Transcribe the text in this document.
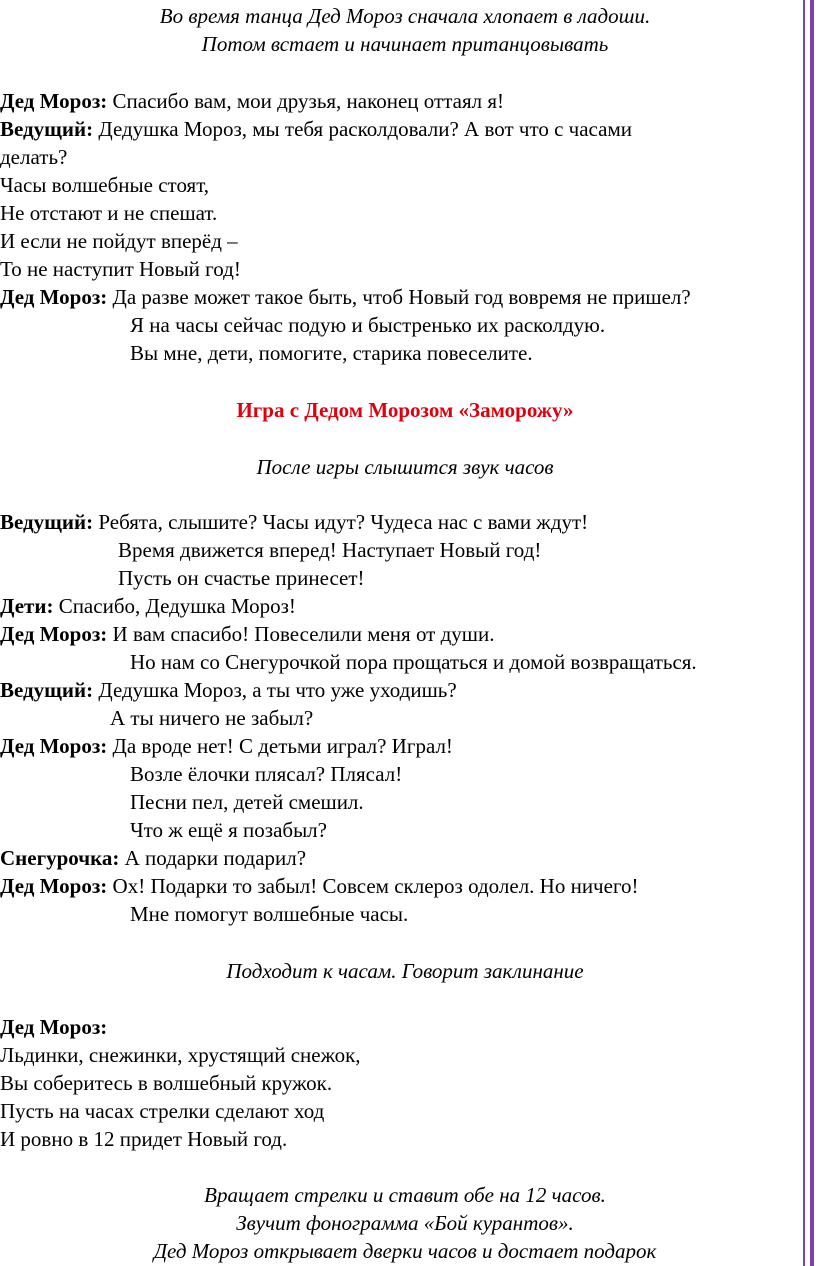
Во время танца Дед Мороз сначала хлопает в ладоши.
Потом встает и начинает пританцовывать
Дед Мороз: Спасибо вам, мои друзья, наконец оттаял я!
Ведущий: Дедушка Мороз, мы тебя расколдовали? А вот что с часами
делать?
Часы волшебные стоят,
Не отстают и не спешат.
И если не пойдут вперёд –
То не наступит Новый год!
Дед Мороз: Да разве может такое быть, чтоб Новый год вовремя не пришел?
Я на часы сейчас подую и быстренько их расколдую.
Вы мне, дети, помогите, старика повеселите.
Игра с Дедом Морозом «Заморожу»
После игры слышится звук часов
Ведущий: Ребята, слышите? Часы идут? Чудеса нас с вами ждут!
Время движется вперед! Наступает Новый год!
Пусть он счастье принесет!
Дети: Спасибо, Дедушка Мороз!
Дед Мороз: И вам спасибо! Повеселили меня от души.
Но нам со Снегурочкой пора прощаться и домой возвращаться.
Ведущий: Дедушка Мороз, а ты что уже уходишь?
А ты ничего не забыл?
Дед Мороз: Да вроде нет! С детьми играл? Играл!
Возле ёлочки плясал? Плясал!
Песни пел, детей смешил.
Что ж ещё я позабыл?
Снегурочка: А подарки подарил?
Дед Мороз: Ох! Подарки то забыл! Совсем склероз одолел. Но ничего!
Мне помогут волшебные часы.
Подходит к часам. Говорит заклинание
Дед Мороз:
Льдинки, снежинки, хрустящий снежок,
Вы соберитесь в волшебный кружок.
Пусть на часах стрелки сделают ход
И ровно в 12 придет Новый год.
Вращает стрелки и ставит обе на 12 часов.
Звучит фонограмма «Бой курантов».
Дед Мороз открывает дверки часов и достает подарок
